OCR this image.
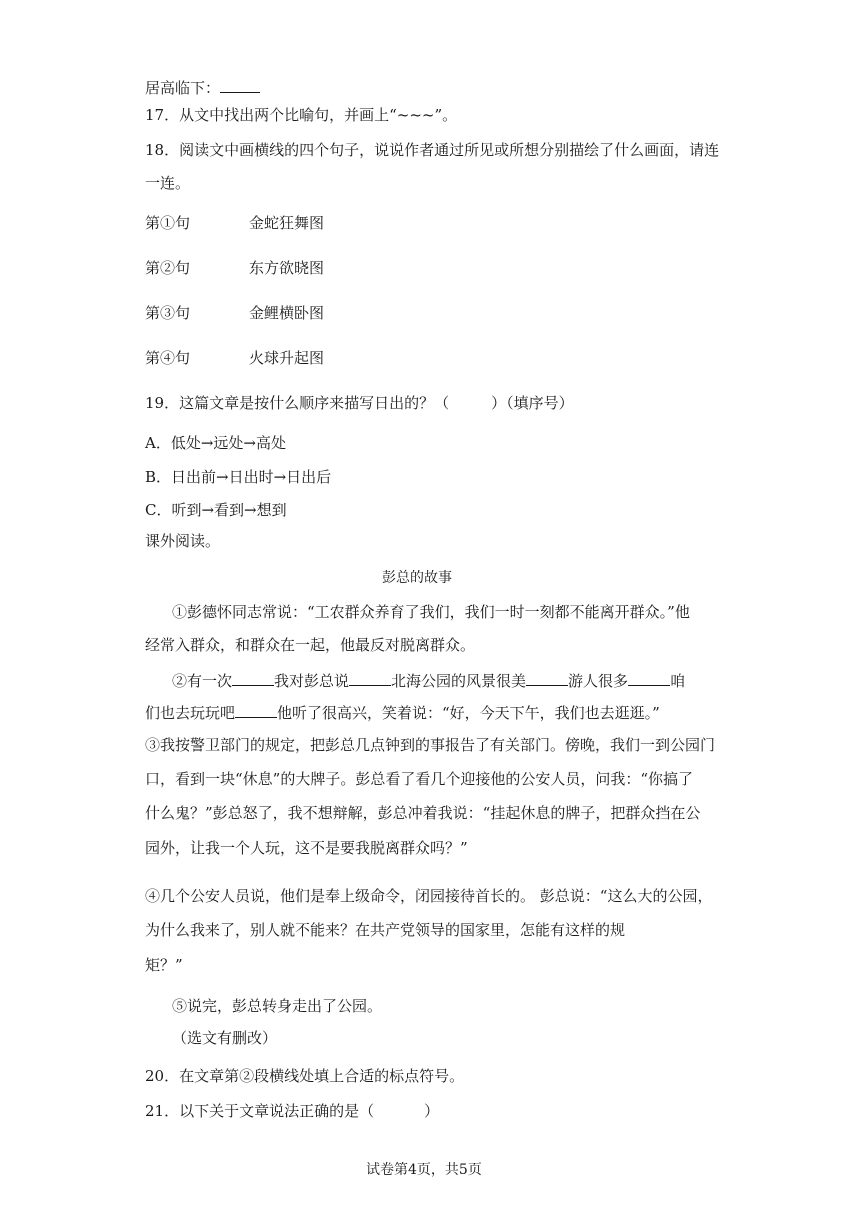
居高临下：
17．从文中找出两个比喻句，并画上“~~~”。
18．阅读文中画横线的四个句子，说说作者通过所见或所想分别描绘了什么画面，请连
一连。
第①句	金蛇狂舞图
第②句	东方欲晓图
第③句	金鲤横卧图
第④句	火球升起图
19．这篇文章是按什么顺序来描写日出的？（	）（填序号）
A．低处→远处→高处
B．日出前→日出时→日出后
C．听到→看到→想到
课外阅读。
彭总的故事
①彭德怀同志常说：“工农群众养育了我们，我们一时一刻都不能离开群众。”他
经常入群众，和群众在一起，他最反对脱离群众。
②有一次	我对彭总说	北海公园的风景很美	游人很多	咱
们也去玩玩吧	他听了很高兴，笑着说：“好，今天下午，我们也去逛逛。”
③我按警卫部门的规定，把彭总几点钟到的事报告了有关部门。傍晚，我们一到公园门
口，看到一块“休息”的大牌子。彭总看了看几个迎接他的公安人员，问我：“你搞了
什么鬼？”彭总怒了，我不想辩解，彭总冲着我说：“挂起休息的牌子，把群众挡在公
园外，让我一个人玩，这不是要我脱离群众吗？”
④几个公安人员说，他们是奉上级命令，闭园接待首长的。 彭总说：“这么大的公园，
为什么我来了，别人就不能来？在共产党领导的国家里，怎能有这样的规
矩？”
⑤说完，彭总转身走出了公园。
（选文有删改）
20．在文章第②段横线处填上合适的标点符号。
21．以下关于文章说法正确的是（	）
试卷第4页，共5页
